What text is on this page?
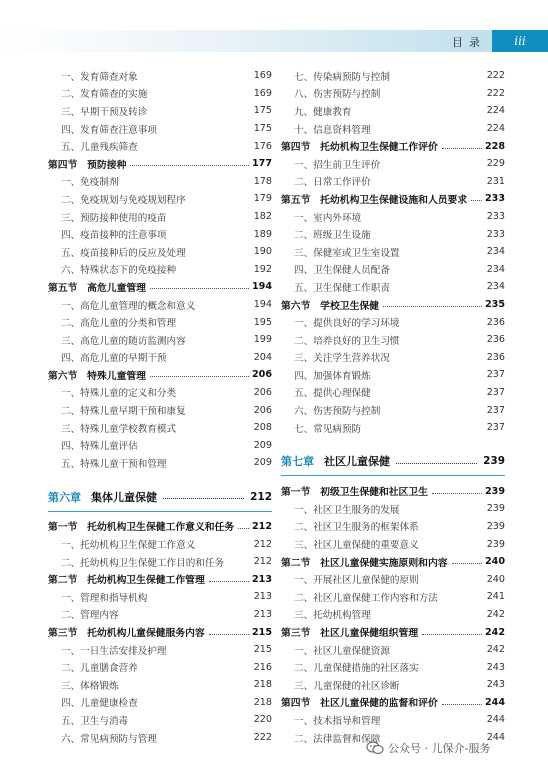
目录	iii
一、发育筛查对象	169
二、发育筛查的实施	169
三、早期干预及转诊	175
四、发育筛查注意事项	175
五、儿童残疾筛查	176
第四节　预防接种	177
一、免疫制剂	178
二、免疫规划与免疫规划程序	179
三、预防接种使用的疫苗	182
四、疫苗接种的注意事项	189
五、疫苗接种后的反应及处理	190
六、特殊状态下的免疫接种	192
第五节　高危儿童管理	194
一、高危儿童管理的概念和意义	194
二、高危儿童的分类和管理	195
三、高危儿童的随访监测内容	199
四、高危儿童的早期干预	204
第六节　特殊儿童管理	206
一、特殊儿童的定义和分类	206
二、特殊儿童早期干预和康复	206
三、特殊儿童学校教育模式	208
四、特殊儿童评估	209
五、特殊儿童干预和管理	209
第六章 集体儿童保健	212
第一节　托幼机构卫生保健工作意义和任务 212
一、托幼机构卫生保健工作意义	212
二、托幼机构卫生保健工作目的和任务	212
第二节　托幼机构卫生保健工作管理	213
一、管理和指导机构	213
二、管理内容	213
第三节　托幼机构儿童保健服务内容	215
一、一日生活安排及护理	215
二、儿童膳食营养	216
三、体格锻炼	218
四、儿童健康检查	218
五、卫生与消毒	220
六、常见病预防与管理	222
七、传染病预防与控制	222
八、伤害预防与控制	222
九、健康教育	224
十、信息资料管理	224
第四节　托幼机构卫生保健工作评价	228
一、招生前卫生评价	229
二、日常工作评价	231
第五节　托幼机构卫生保健设施和人员要求 233
一、室内外环境	233
二、班级卫生设施	233
三、保健室或卫生室设置	234
四、卫生保健人员配备	234
五、卫生保健工作职责	234
第六节　学校卫生保健	235
一、提供良好的学习环境	236
二、培养良好的卫生习惯	236
三、关注学生营养状况	236
四、加强体育锻炼	237
五、提供心理保健	237
六、伤害预防与控制	237
七、常见病预防	237
第七章 社区儿童保健	239
第一节　初级卫生保健和社区卫生	239
一、社区卫生服务的发展	239
二、社区卫生服务的框架体系	239
三、社区儿童保健的重要意义	239
第二节　社区儿童保健实施原则和内容	240
一、开展社区儿童保健的原则	240
二、社区儿童保健工作内容和方法	241
三、托幼机构管理	242
第三节　社区儿童保健组织管理	242
一、社区儿童保健资源	242
二、儿童保健措施的社区落实	243
三、儿童保健的社区诊断	243
第四节　社区儿童保健的监督和评价	244
一、技术指导和管理	244
二、法律监督和保障	244
公众号 · 儿保介-服务
